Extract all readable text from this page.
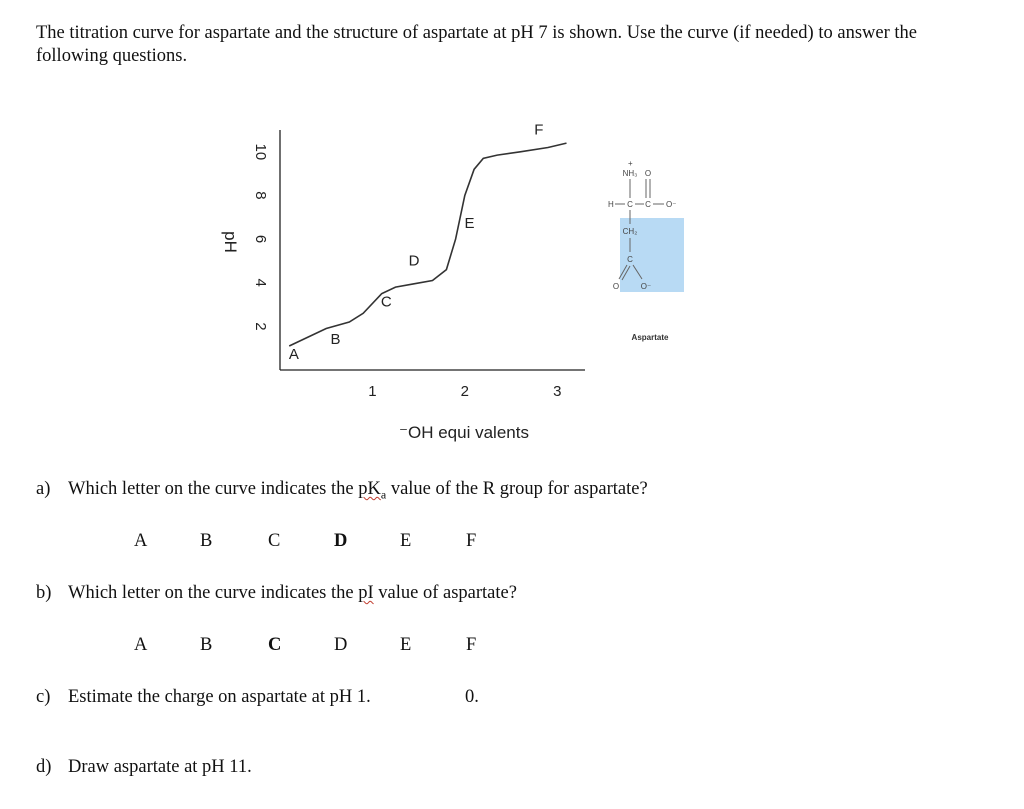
The titration curve for aspartate and the structure of aspartate at pH 7 is shown. Use the curve (if needed) to answer the following questions.
pH
⁻OH equi valents
10
8
6
4
2
1	2	3
A
B
C
D
E
F
+
NH₃ O
H C C O⁻
CH₂
C
O	O⁻
Aspartate
a) Which letter on the curve indicates the $pK_a$ value of the R group for aspartate?
A	B	C	D	E	F
b) Which letter on the curve indicates the pI value of aspartate?
A	B	C	D	E	F
c) Estimate the charge on aspartate at pH 1.	0.
d) Draw aspartate at pH 11.
